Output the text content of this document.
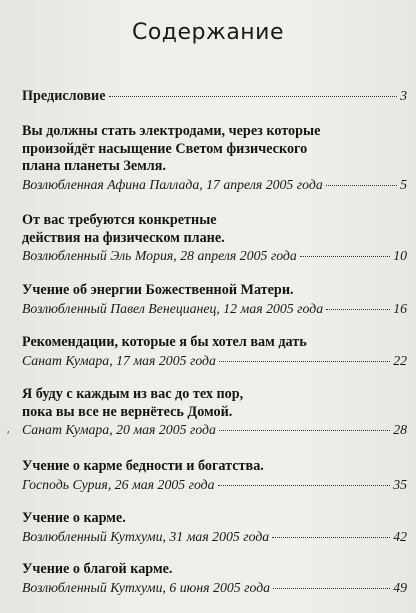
Содержание
ʹ
Предисловие	3
Вы должны стать электродами, через которые
произойдёт насыщение Светом физического
плана планеты Земля.
Возлюбленная Афина Паллада, 17 апреля 2005 года	5
От вас требуются конкретные
действия на физическом плане.
Возлюбленный Эль Мория, 28 апреля 2005 года	10
Учение об энергии Божественной Матери.
Возлюбленный Павел Венецианец, 12 мая 2005 года	16
Рекомендации, которые я бы хотел вам дать
Санат Кумара, 17 мая 2005 года	22
Я буду с каждым из вас до тех пор,
пока вы все не вернётесь Домой.
Санат Кумара, 20 мая 2005 года	28
Учение о карме бедности и богатства.
Господь Сурия, 26 мая 2005 года	35
Учение о карме.
Возлюбленный Кутхуми, 31 мая 2005 года	42
Учение о благой карме.
Возлюбленный Кутхуми, 6 июня 2005 года	49
